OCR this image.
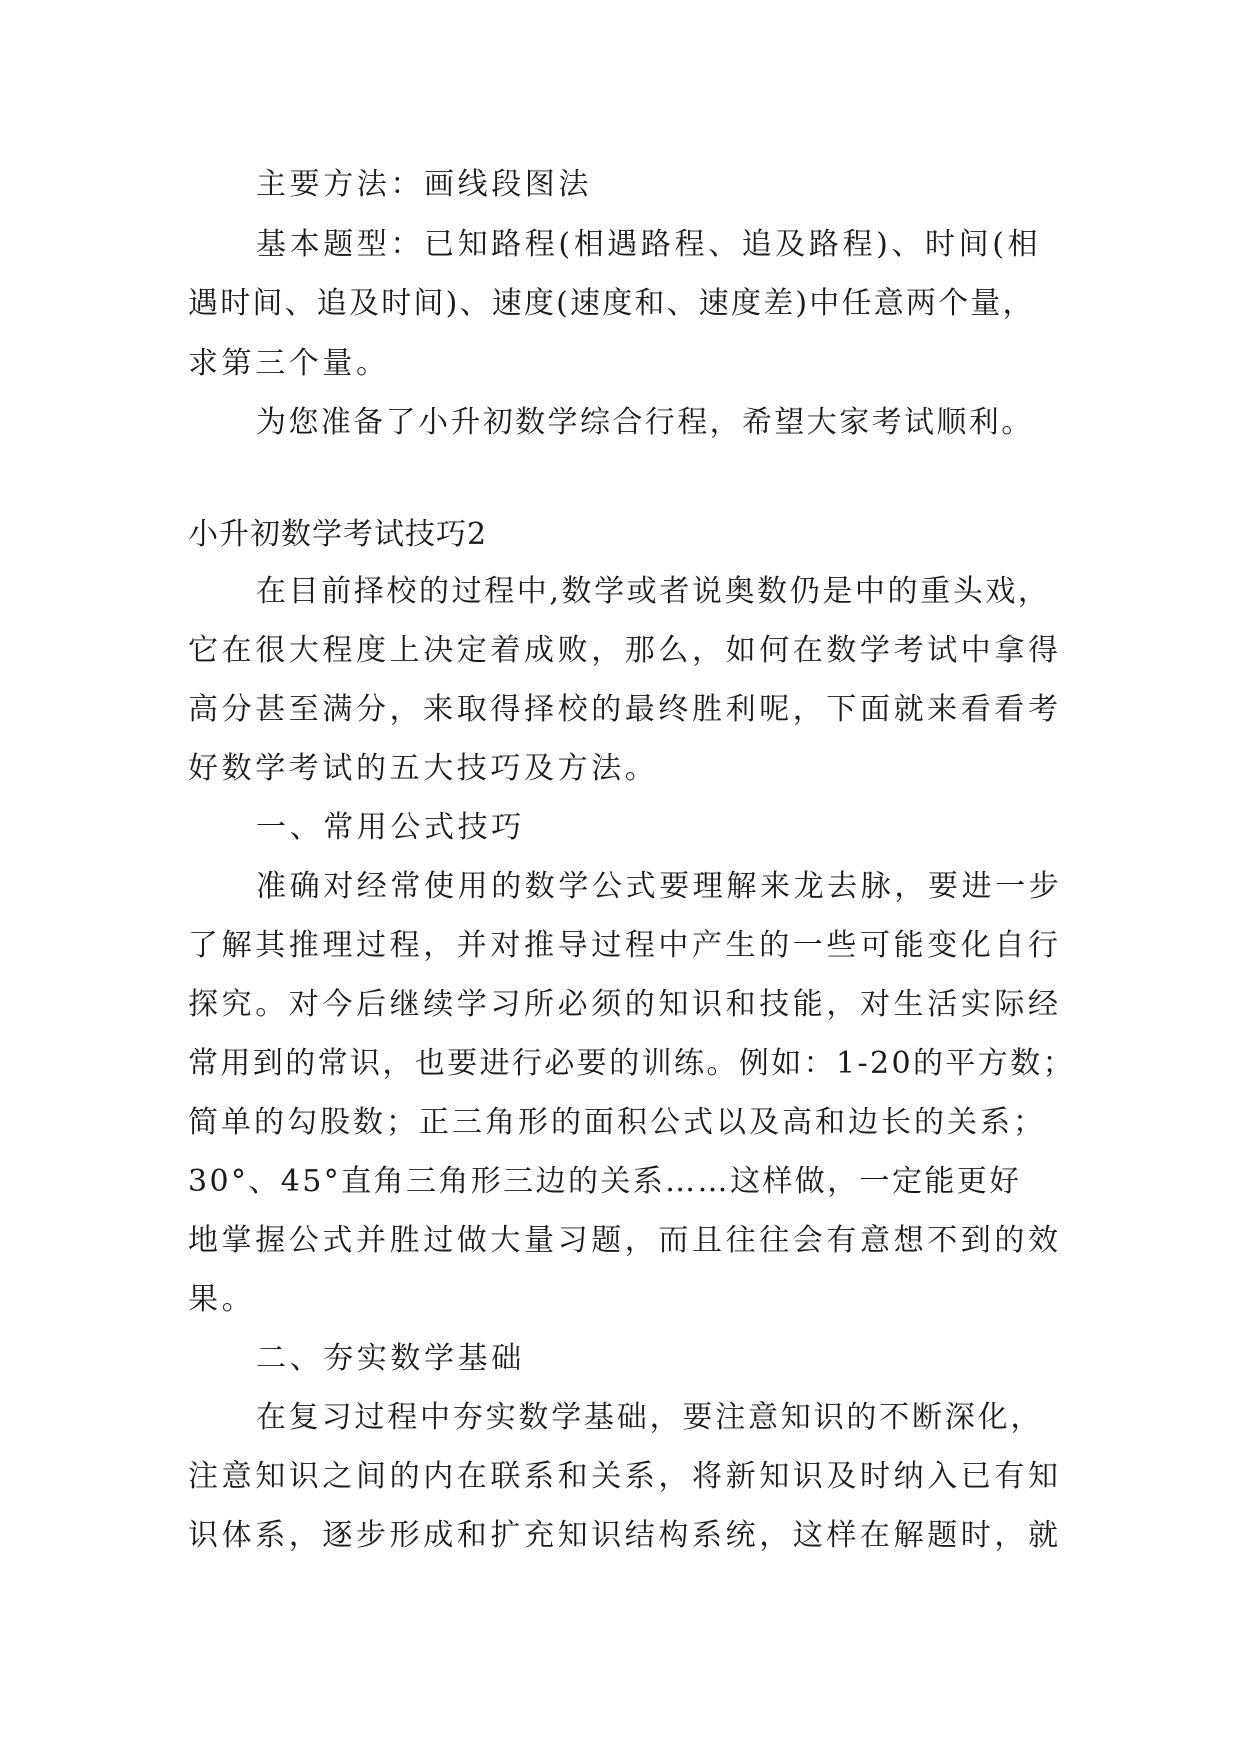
主要方法：画线段图法
基本题型：已知路程(相遇路程、追及路程)、时间(相
遇时间、追及时间)、速度(速度和、速度差)中任意两个量，
求第三个量。
为您准备了小升初数学综合行程，希望大家考试顺利。
小升初数学考试技巧2
在目前择校的过程中,数学或者说奥数仍是中的重头戏，
它在很大程度上决定着成败，那么，如何在数学考试中拿得
高分甚至满分，来取得择校的最终胜利呢，下面就来看看考
好数学考试的五大技巧及方法。
一、常用公式技巧
准确对经常使用的数学公式要理解来龙去脉，要进一步
了解其推理过程，并对推导过程中产生的一些可能变化自行
探究。对今后继续学习所必须的知识和技能，对生活实际经
常用到的常识，也要进行必要的训练。例如：1-20的平方数；
简单的勾股数；正三角形的面积公式以及高和边长的关系；
30°、45°直角三角形三边的关系……这样做，一定能更好
地掌握公式并胜过做大量习题，而且往往会有意想不到的效
果。
二、夯实数学基础
在复习过程中夯实数学基础，要注意知识的不断深化，
注意知识之间的内在联系和关系，将新知识及时纳入已有知
识体系，逐步形成和扩充知识结构系统，这样在解题时，就
